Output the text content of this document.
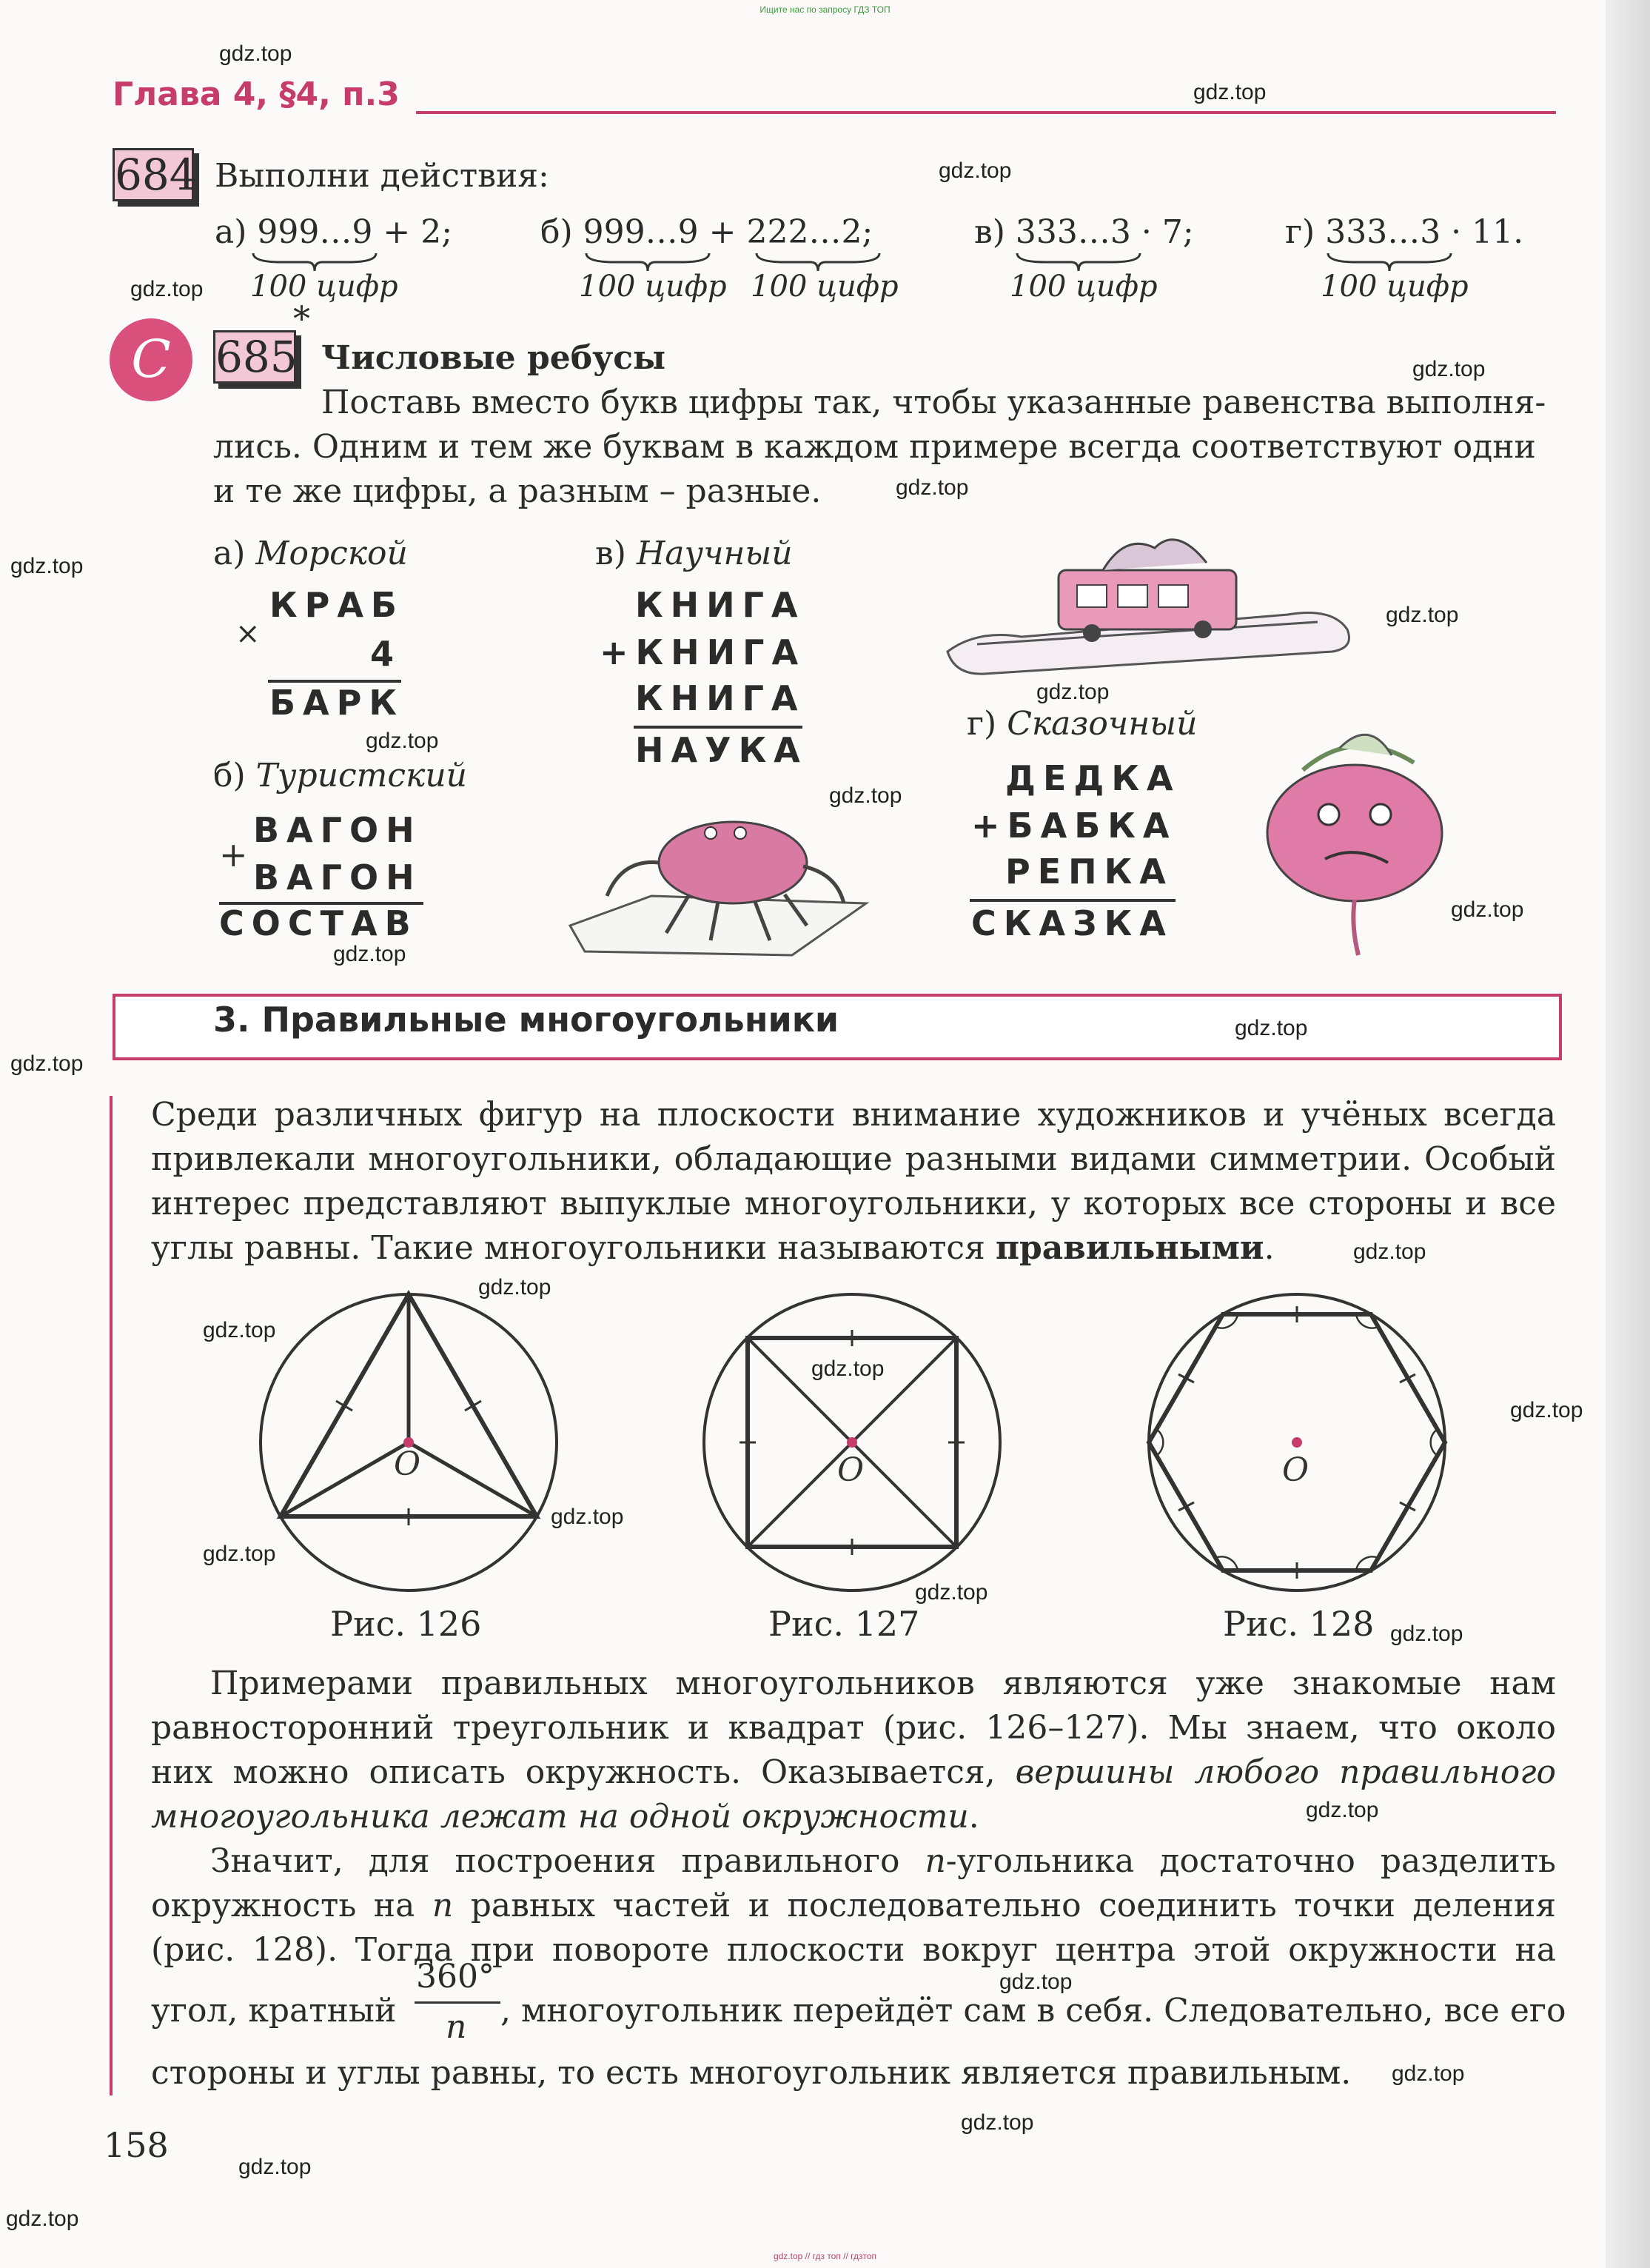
Ищите нас по запросу ГДЗ ТОП
gdz.top // гдз топ // гдзтоп
Глава 4, §4, п.3
684 Выполни действия:
а) 999…9 + 2;	б) 999…9 + 222…2;	в) 333…3 · 7;	г) 333…3 · 11.
100 цифр	100 цифр 100 цифр	100 цифр	100 цифр
С	685
*
Числовые ребусы
Поставь вместо букв цифры так, чтобы указанные равенства выполня-
лись. Одним и тем же буквам в каждом примере всегда соответствуют одни
и те же цифры, а разным – разные.
а) Морской
×
КРАБ
4
БАРК
б) Туристский
+
ВАГОН
ВАГОН
СОСТАВ
в) Научный
КНИГА
+КНИГА
КНИГА
НАУКА
г) Сказочный
ДЕДКА
+БАБКА
РЕПКА
СКАЗКА
3. Правильные многоугольники
Среди различных фигур на плоскости внимание художников и учёных всегда
привлекали многоугольники, обладающие разными видами симметрии. Особый
интерес представляют выпуклые многоугольники, у которых все стороны и все
углы равны. Такие многоугольники называются правильными.
O	O	O
Рис. 126	Рис. 127	Рис. 128
Примерами правильных многоугольников являются уже знакомые нам
равносторонний треугольник и квадрат (рис. 126–127). Мы знаем, что около
них можно описать окружность. Оказывается, вершины любого правильного
многоугольника лежат на одной окружности.
Значит, для построения правильного n-угольника достаточно разделить
окружность на n равных частей и последовательно соединить точки деления
(рис. 128). Тогда при повороте плоскости вокруг центра этой окружности на
угол, кратный
360°
n , многоугольник перейдёт сам в себя. Следовательно, все его
стороны и углы равны, то есть многоугольник является правильным.
158
gdz.top
gdz.top
gdz.top
gdz.top
gdz.top
gdz.top
gdz.top
gdz.top
gdz.top
gdz.top
gdz.top
gdz.top
gdz.top
gdz.top
gdz.top
gdz.top
gdz.top
gdz.top
gdz.top
gdz.top
gdz.top
gdz.top
gdz.top
gdz.top
gdz.top
gdz.top
gdz.top
gdz.top
gdz.top
gdz.top
